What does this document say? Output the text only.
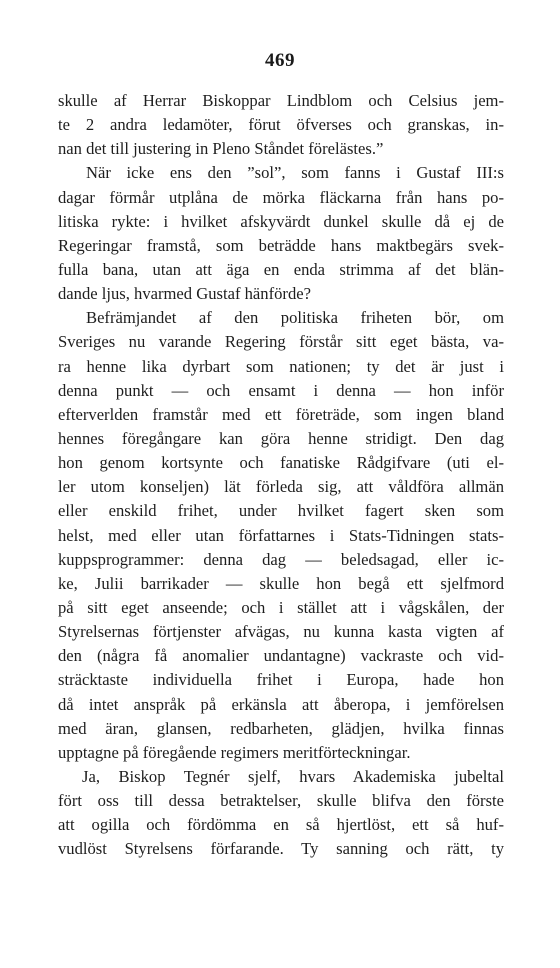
469
skulle af Herrar Biskoppar Lindblom och Celsius jem-
te 2 andra ledamöter, förut öfverses och granskas, in-
nan det till justering in Pleno Ståndet förelästes.”
När icke ens den ”sol”, som fanns i Gustaf III:s
dagar förmår utplåna de mörka fläckarna från hans po-
litiska rykte: i hvilket afskyvärdt dunkel skulle då ej de
Regeringar framstå, som beträdde hans maktbegärs svek-
fulla bana, utan att äga en enda strimma af det blän-
dande ljus, hvarmed Gustaf hänförde?
Befrämjandet af den politiska friheten bör, om
Sveriges nu varande Regering förstår sitt eget bästa, va-
ra henne lika dyrbart som nationen; ty det är just i
denna punkt — och ensamt i denna — hon inför
efterverlden framstår med ett företräde, som ingen bland
hennes föregångare kan göra henne stridigt. Den dag
hon genom kortsynte och fanatiske Rådgifvare (uti el-
ler utom konseljen) lät förleda sig, att våldföra allmän
eller enskild frihet, under hvilket fagert sken som
helst, med eller utan författarnes i Stats-Tidningen stats-
kuppsprogrammer: denna dag — beledsagad, eller ic-
ke, Julii barrikader — skulle hon begå ett sjelfmord
på sitt eget anseende; och i stället att i vågskålen, der
Styrelsernas förtjenster afvägas, nu kunna kasta vigten af
den (några få anomalier undantagne) vackraste och vid-
sträcktaste individuella frihet i Europa, hade hon
då intet anspråk på erkänsla att åberopa, i jemförelsen
med äran, glansen, redbarheten, glädjen, hvilka finnas
upptagne på föregående regimers meritförteckningar.
Ja, Biskop Tegnér sjelf, hvars Akademiska jubeltal
fört oss till dessa betraktelser, skulle blifva den förste
att ogilla och fördömma en så hjertlöst, ett så huf-
vudlöst Styrelsens förfarande. Ty sanning och rätt, ty
